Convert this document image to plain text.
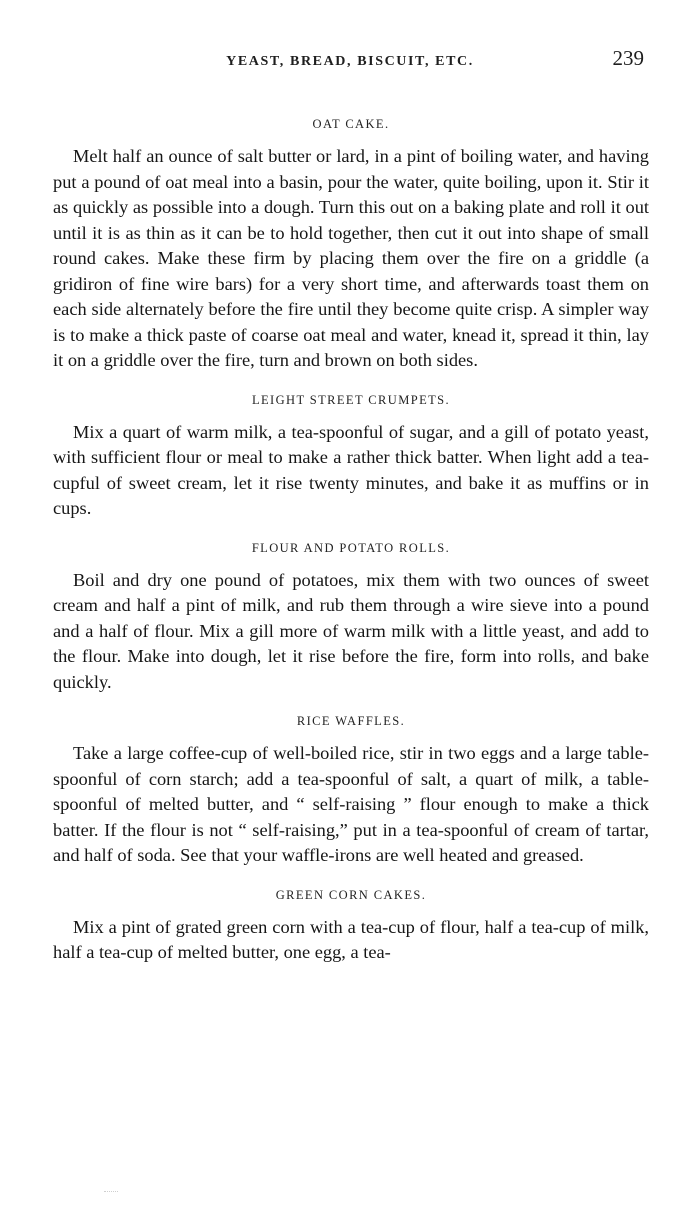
YEAST, BREAD, BISCUIT, ETC.	239

OAT CAKE.

Melt half an ounce of salt butter or lard, in a pint of boiling water, and having put a pound of oat meal into a basin, pour the water, quite boiling, upon it. Stir it as quickly as possible into a dough. Turn this out on a baking plate and roll it out until it is as thin as it can be to hold together, then cut it out into shape of small round cakes. Make these firm by placing them over the fire on a griddle (a gridiron of fine wire bars) for a very short time, and afterwards toast them on each side alternately before the fire until they become quite crisp. A simpler way is to make a thick paste of coarse oat meal and water, knead it, spread it thin, lay it on a griddle over the fire, turn and brown on both sides.

LEIGHT STREET CRUMPETS.

Mix a quart of warm milk, a tea-spoonful of sugar, and a gill of potato yeast, with sufficient flour or meal to make a rather thick batter. When light add a tea-cupful of sweet cream, let it rise twenty minutes, and bake it as muffins or in cups.

FLOUR AND POTATO ROLLS.

Boil and dry one pound of potatoes, mix them with two ounces of sweet cream and half a pint of milk, and rub them through a wire sieve into a pound and a half of flour. Mix a gill more of warm milk with a little yeast, and add to the flour. Make into dough, let it rise before the fire, form into rolls, and bake quickly.

RICE WAFFLES.

Take a large coffee-cup of well-boiled rice, stir in two eggs and a large table-spoonful of corn starch; add a tea-spoonful of salt, a quart of milk, a table-spoonful of melted butter, and “ self-raising ” flour enough to make a thick batter. If the flour is not “ self-raising,” put in a tea-spoonful of cream of tartar, and half of soda. See that your waffle-irons are well heated and greased.

GREEN CORN CAKES.

Mix a pint of grated green corn with a tea-cup of flour, half a tea-cup of milk, half a tea-cup of melted butter, one egg, a tea-
